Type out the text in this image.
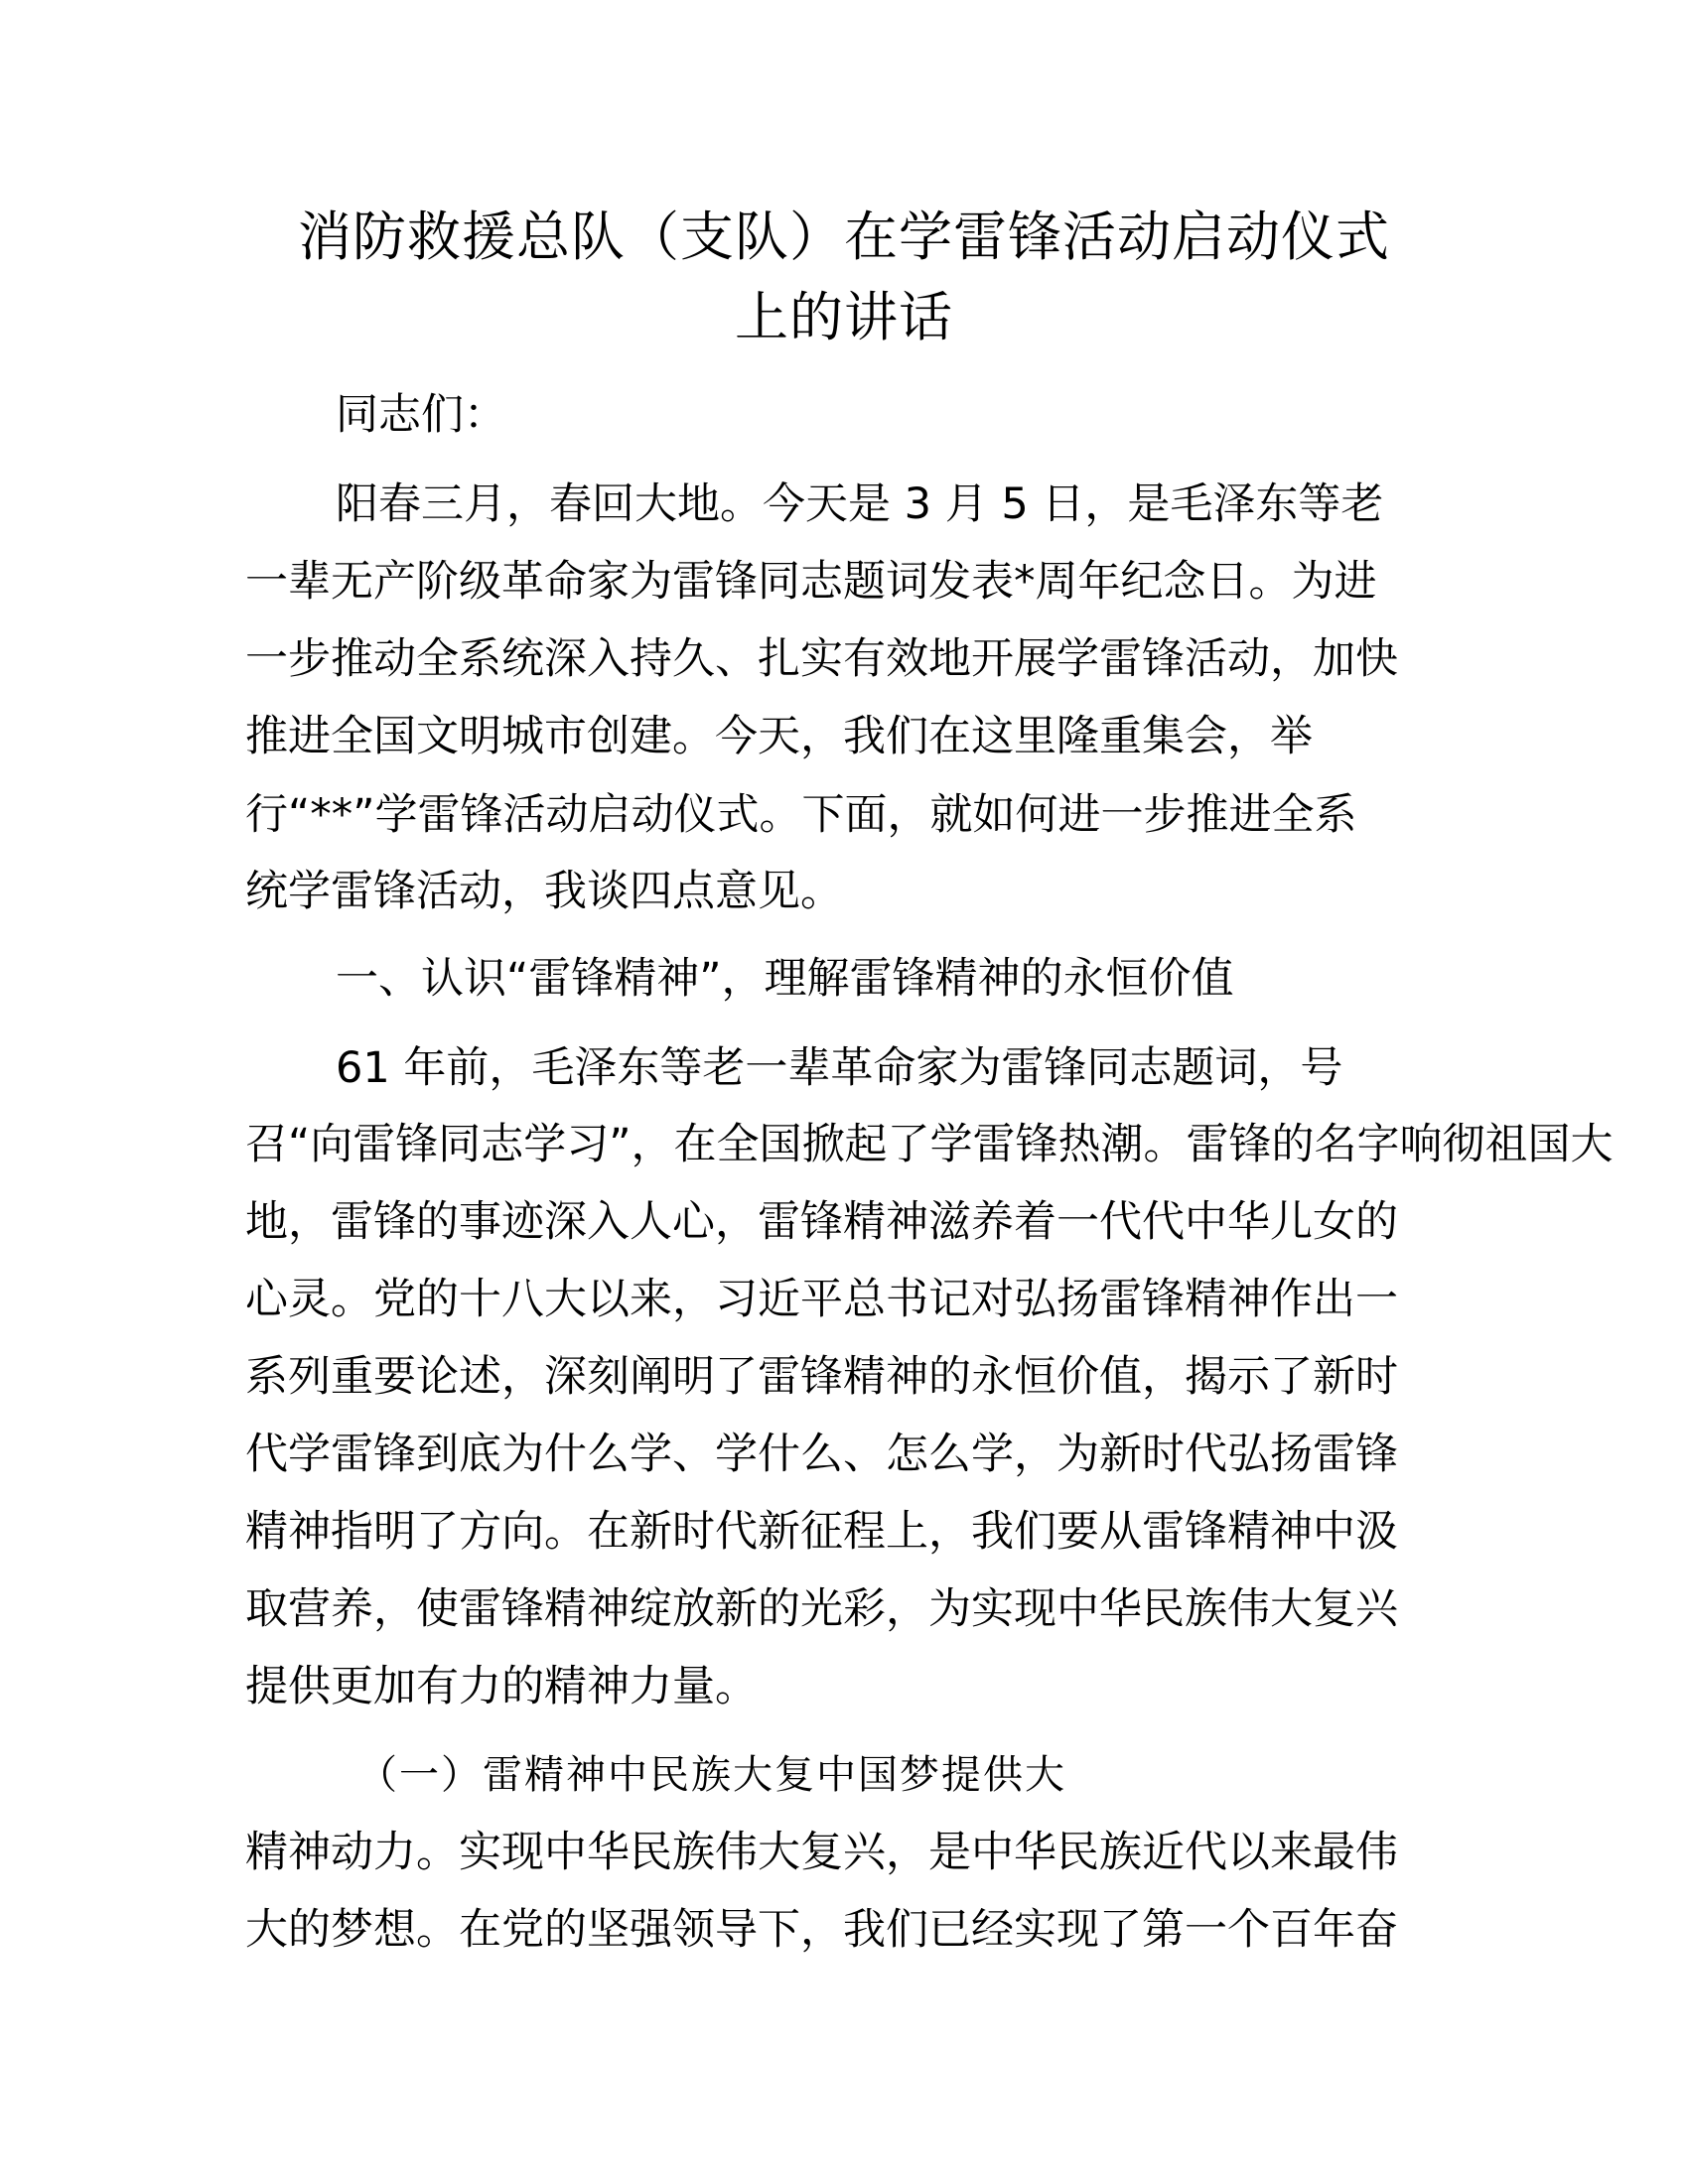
消防救援总队（支队）在学雷锋活动启动仪式
上的讲话
同志们：
阳春三月，春回大地。今天是 3 月 5 日，是毛泽东等老
一辈无产阶级革命家为雷锋同志题词发表*周年纪念日。为进
一步推动全系统深入持久、扎实有效地开展学雷锋活动，加快
推进全国文明城市创建。今天，我们在这里隆重集会，举
行“**”学雷锋活动启动仪式。下面，就如何进一步推进全系
统学雷锋活动，我谈四点意见。
一、认识“雷锋精神”，理解雷锋精神的永恒价值
61 年前，毛泽东等老一辈革命家为雷锋同志题词，号
召“向雷锋同志学习”，在全国掀起了学雷锋热潮。雷锋的名字响彻祖国大
地，雷锋的事迹深入人心，雷锋精神滋养着一代代中华儿女的
心灵。党的十八大以来，习近平总书记对弘扬雷锋精神作出一
系列重要论述，深刻阐明了雷锋精神的永恒价值，揭示了新时
代学雷锋到底为什么学、学什么、怎么学，为新时代弘扬雷锋
精神指明了方向。在新时代新征程上，我们要从雷锋精神中汲
取营养，使雷锋精神绽放新的光彩，为实现中华民族伟大复兴
提供更加有力的精神力量。
（一）雷精神中民族大复中国梦提供大
精神动力。实现中华民族伟大复兴，是中华民族近代以来最伟
大的梦想。在党的坚强领导下，我们已经实现了第一个百年奋
